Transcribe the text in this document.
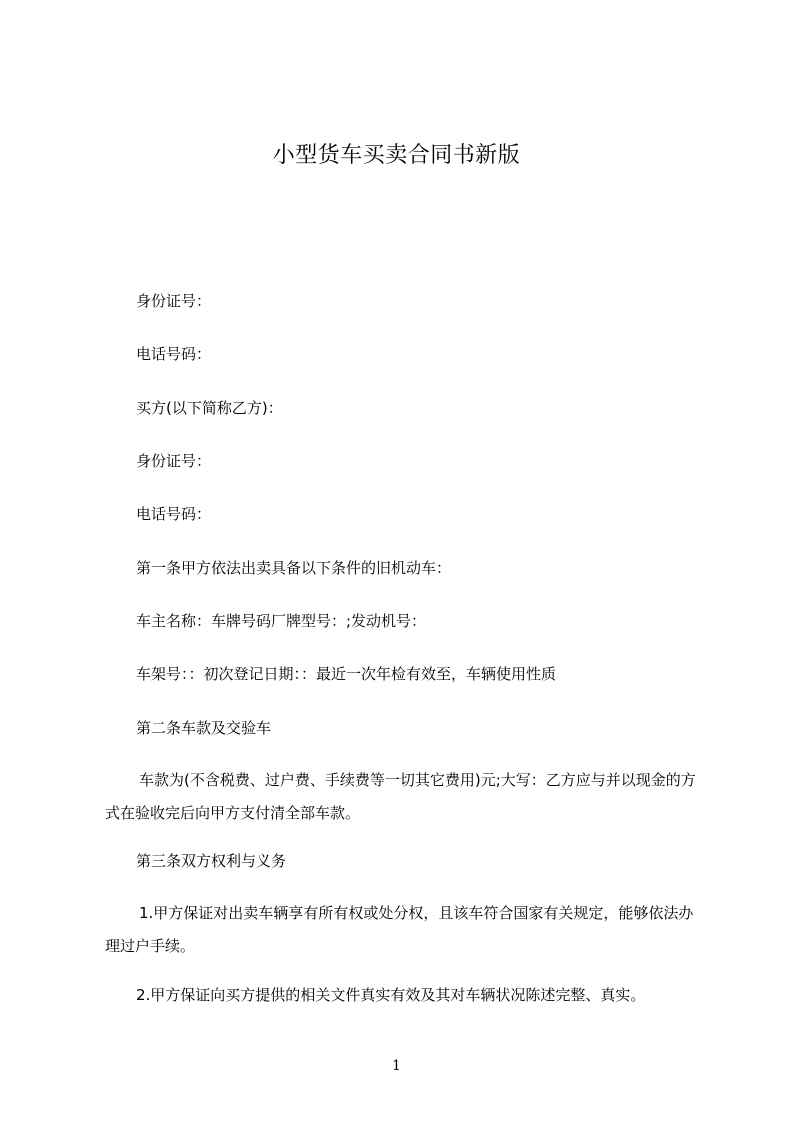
小型货车买卖合同书新版
身份证号：
电话号码：
买方(以下简称乙方)：
身份证号：
电话号码：
第一条甲方依法出卖具备以下条件的旧机动车：
车主名称：车牌号码厂牌型号：;发动机号：
车架号：：初次登记日期：：最近一次年检有效至，车辆使用性质
第二条车款及交验车
车款为(不含税费、过户费、手续费等一切其它费用)元;大写：乙方应与并以现金的方式在验收完后向甲方支付清全部车款。
第三条双方权利与义务
1.甲方保证对出卖车辆享有所有权或处分权，且该车符合国家有关规定，能够依法办理过户手续。
2.甲方保证向买方提供的相关文件真实有效及其对车辆状况陈述完整、真实。
1
